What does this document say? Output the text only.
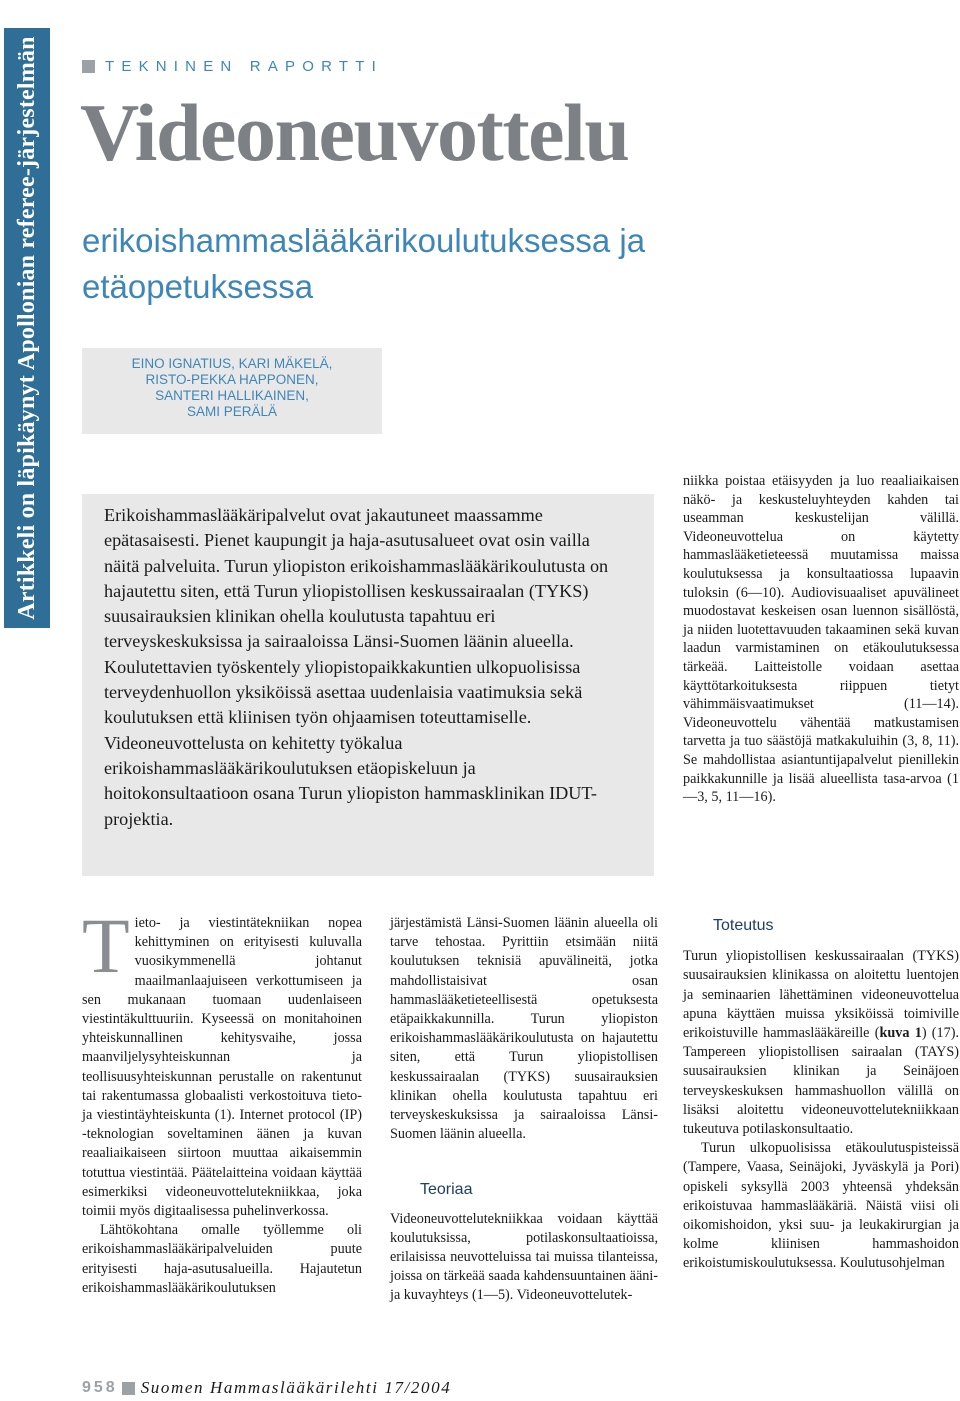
Artikkeli on läpikäynyt Apollonian referee-järjestelmän	TEKNINEN RAPORTTI
Videoneuvottelu
erikoishammaslääkärikoulutuksessa ja etäopetuksessa
EINO IGNATIUS, KARI MÄKELÄ,
RISTO-PEKKA HAPPONEN,
SANTERI HALLIKAINEN,
SAMI PERÄLÄ

Erikoishammaslääkäripalvelut ovat jakautuneet maassamme epätasaisesti. Pienet kaupungit ja haja-asutusalueet ovat osin vailla näitä palveluita. Turun yliopiston erikoishammaslääkärikoulutusta on hajautettu siten, että Turun yliopistollisen keskussairaalan (TYKS) suusairauksien klinikan ohella koulutusta tapahtuu eri terveyskeskuksissa ja sairaaloissa Länsi-Suomen läänin alueella. Koulutettavien työskentely yliopistopaikkakuntien ulkopuolisissa terveydenhuollon yksiköissä asettaa uudenlaisia vaatimuksia sekä koulutuksen että kliinisen työn ohjaamisen toteuttamiselle. Videoneuvottelusta on kehitetty työkalua erikoishammaslääkärikoulutuksen etäopiskeluun ja hoitokonsultaatioon osana Turun yliopiston hammasklinikan IDUT-projektia.

niikka poistaa etäisyyden ja luo reaaliaikaisen näkö- ja keskusteluyhteyden kahden tai useamman keskustelijan välillä. Videoneuvottelua on käytetty hammaslääketieteessä muutamissa maissa koulutuksessa ja konsultaatiossa lupaavin tuloksin (6—10). Audiovisuaaliset apuvälineet muodostavat keskeisen osan luennon sisällöstä, ja niiden luotettavuuden takaaminen sekä kuvan laadun varmistaminen on etäkoulutuksessa tärkeää. Laitteistolle voidaan asettaa käyttötarkoituksesta riippuen tietyt vähimmäisvaatimukset (11—14). Videoneuvottelu vähentää matkustamisen tarvetta ja tuo säästöjä matkakuluihin (3, 8, 11). Se mahdollistaa asiantuntijapalvelut pienillekin paikkakunnille ja lisää alueellista tasa-arvoa (1—3, 5, 11—16).

Tieto- ja viestintätekniikan nopea kehittyminen on erityisesti kuluvalla vuosikymmenellä johtanut maailmanlaajuiseen verkottumiseen ja sen mukanaan tuomaan uudenlaiseen viestintäkulttuuriin. Kyseessä on monitahoinen yhteiskunnallinen kehitysvaihe, jossa maanviljelysyhteiskunnan ja teollisuusyhteiskunnan perustalle on rakentunut tai rakentumassa globaalisti verkostoituva tieto- ja viestintäyhteiskunta (1). Internet protocol (IP) -teknologian soveltaminen äänen ja kuvan reaaliaikaiseen siirtoon muuttaa aikaisemmin totuttua viestintää. Päätelaitteina voidaan käyttää esimerkiksi videoneuvottelutekniikkaa, joka toimii myös digitaalisessa puhelinverkossa.

Lähtökohtana omalle työllemme oli erikoishammaslääkäripalveluiden puute erityisesti haja-asutusalueilla. Hajautetun erikoishammaslääkärikoulutuksen

järjestämistä Länsi-Suomen läänin alueella oli tarve tehostaa. Pyrittiin etsimään niitä koulutuksen teknisiä apuvälineitä, jotka mahdollistaisivat osan hammaslääketieteellisestä opetuksesta etäpaikkakunnilla. Turun yliopiston erikoishammaslääkärikoulutusta on hajautettu siten, että Turun yliopistollisen keskussairaalan (TYKS) suusairauksien klinikan ohella koulutusta tapahtuu eri terveyskeskuksissa ja sairaaloissa Länsi-Suomen läänin alueella.

Teoriaa

Videoneuvottelutekniikkaa voidaan käyttää koulutuksissa, potilaskonsultaatioissa, erilaisissa neuvotteluissa tai muissa tilanteissa, joissa on tärkeää saada kahdensuuntainen ääni- ja kuvayhteys (1—5). Videoneuvottelutek-

Toteutus

Turun yliopistollisen keskussairaalan (TYKS) suusairauksien klinikassa on aloitettu luentojen ja seminaarien lähettäminen videoneuvottelua apuna käyttäen muissa yksiköissä toimiville erikoistuville hammaslääkäreille (kuva 1) (17). Tampereen yliopistollisen sairaalan (TAYS) suusairauksien klinikan ja Seinäjoen terveyskeskuksen hammashuollon välillä on lisäksi aloitettu videoneuvottelutekniikkaan tukeutuva potilaskonsultaatio.

Turun ulkopuolisissa etäkoulutuspisteissä (Tampere, Vaasa, Seinäjoki, Jyväskylä ja Pori) opiskeli syksyllä 2003 yhteensä yhdeksän erikoistuvaa hammaslääkäriä. Näistä viisi oli oikomishoidon, yksi suu- ja leukakirurgian ja kolme kliinisen hammashoidon erikoistumiskoulutuksessa. Koulutusohjelman

958 Suomen Hammaslääkärilehti 17/2004
